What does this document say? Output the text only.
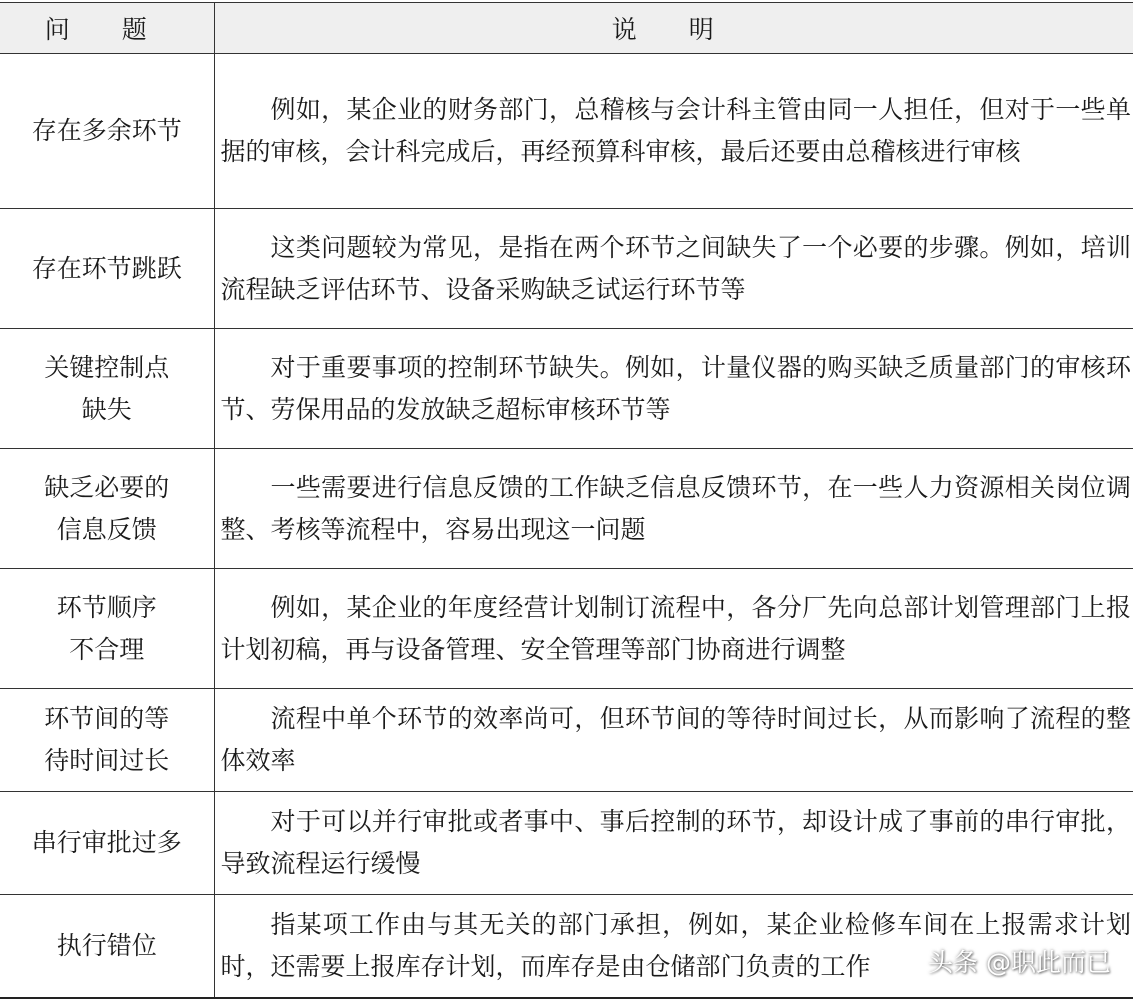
问 题	说 明
存在多余环节	例如，某企业的财务部门，总稽核与会计科主管由同一人担任，但对于一些单据的审核，会计科完成后，再经预算科审核，最后还要由总稽核进行审核

存在环节跳跃	这类问题较为常见，是指在两个环节之间缺失了一个必要的步骤。例如，培训流程缺乏评估环节、设备采购缺乏试运行环节等

关键控制点缺失	对于重要事项的控制环节缺失。例如，计量仪器的购买缺乏质量部门的审核环节、劳保用品的发放缺乏超标审核环节等

缺乏必要的信息反馈	一些需要进行信息反馈的工作缺乏信息反馈环节，在一些人力资源相关岗位调整、考核等流程中，容易出现这一问题

环节顺序不合理	例如，某企业的年度经营计划制订流程中，各分厂先向总部计划管理部门上报计划初稿，再与设备管理、安全管理等部门协商进行调整

环节间的等待时间过长	流程中单个环节的效率尚可，但环节间的等待时间过长，从而影响了流程的整体效率

串行审批过多	对于可以并行审批或者事中、事后控制的环节，却设计成了事前的串行审批，导致流程运行缓慢

执行错位	指某项工作由与其无关的部门承担，例如，某企业检修车间在上报需求计划时，还需要上报库存计划，而库存是由仓储部门负责的工作	头条 @职此而已
